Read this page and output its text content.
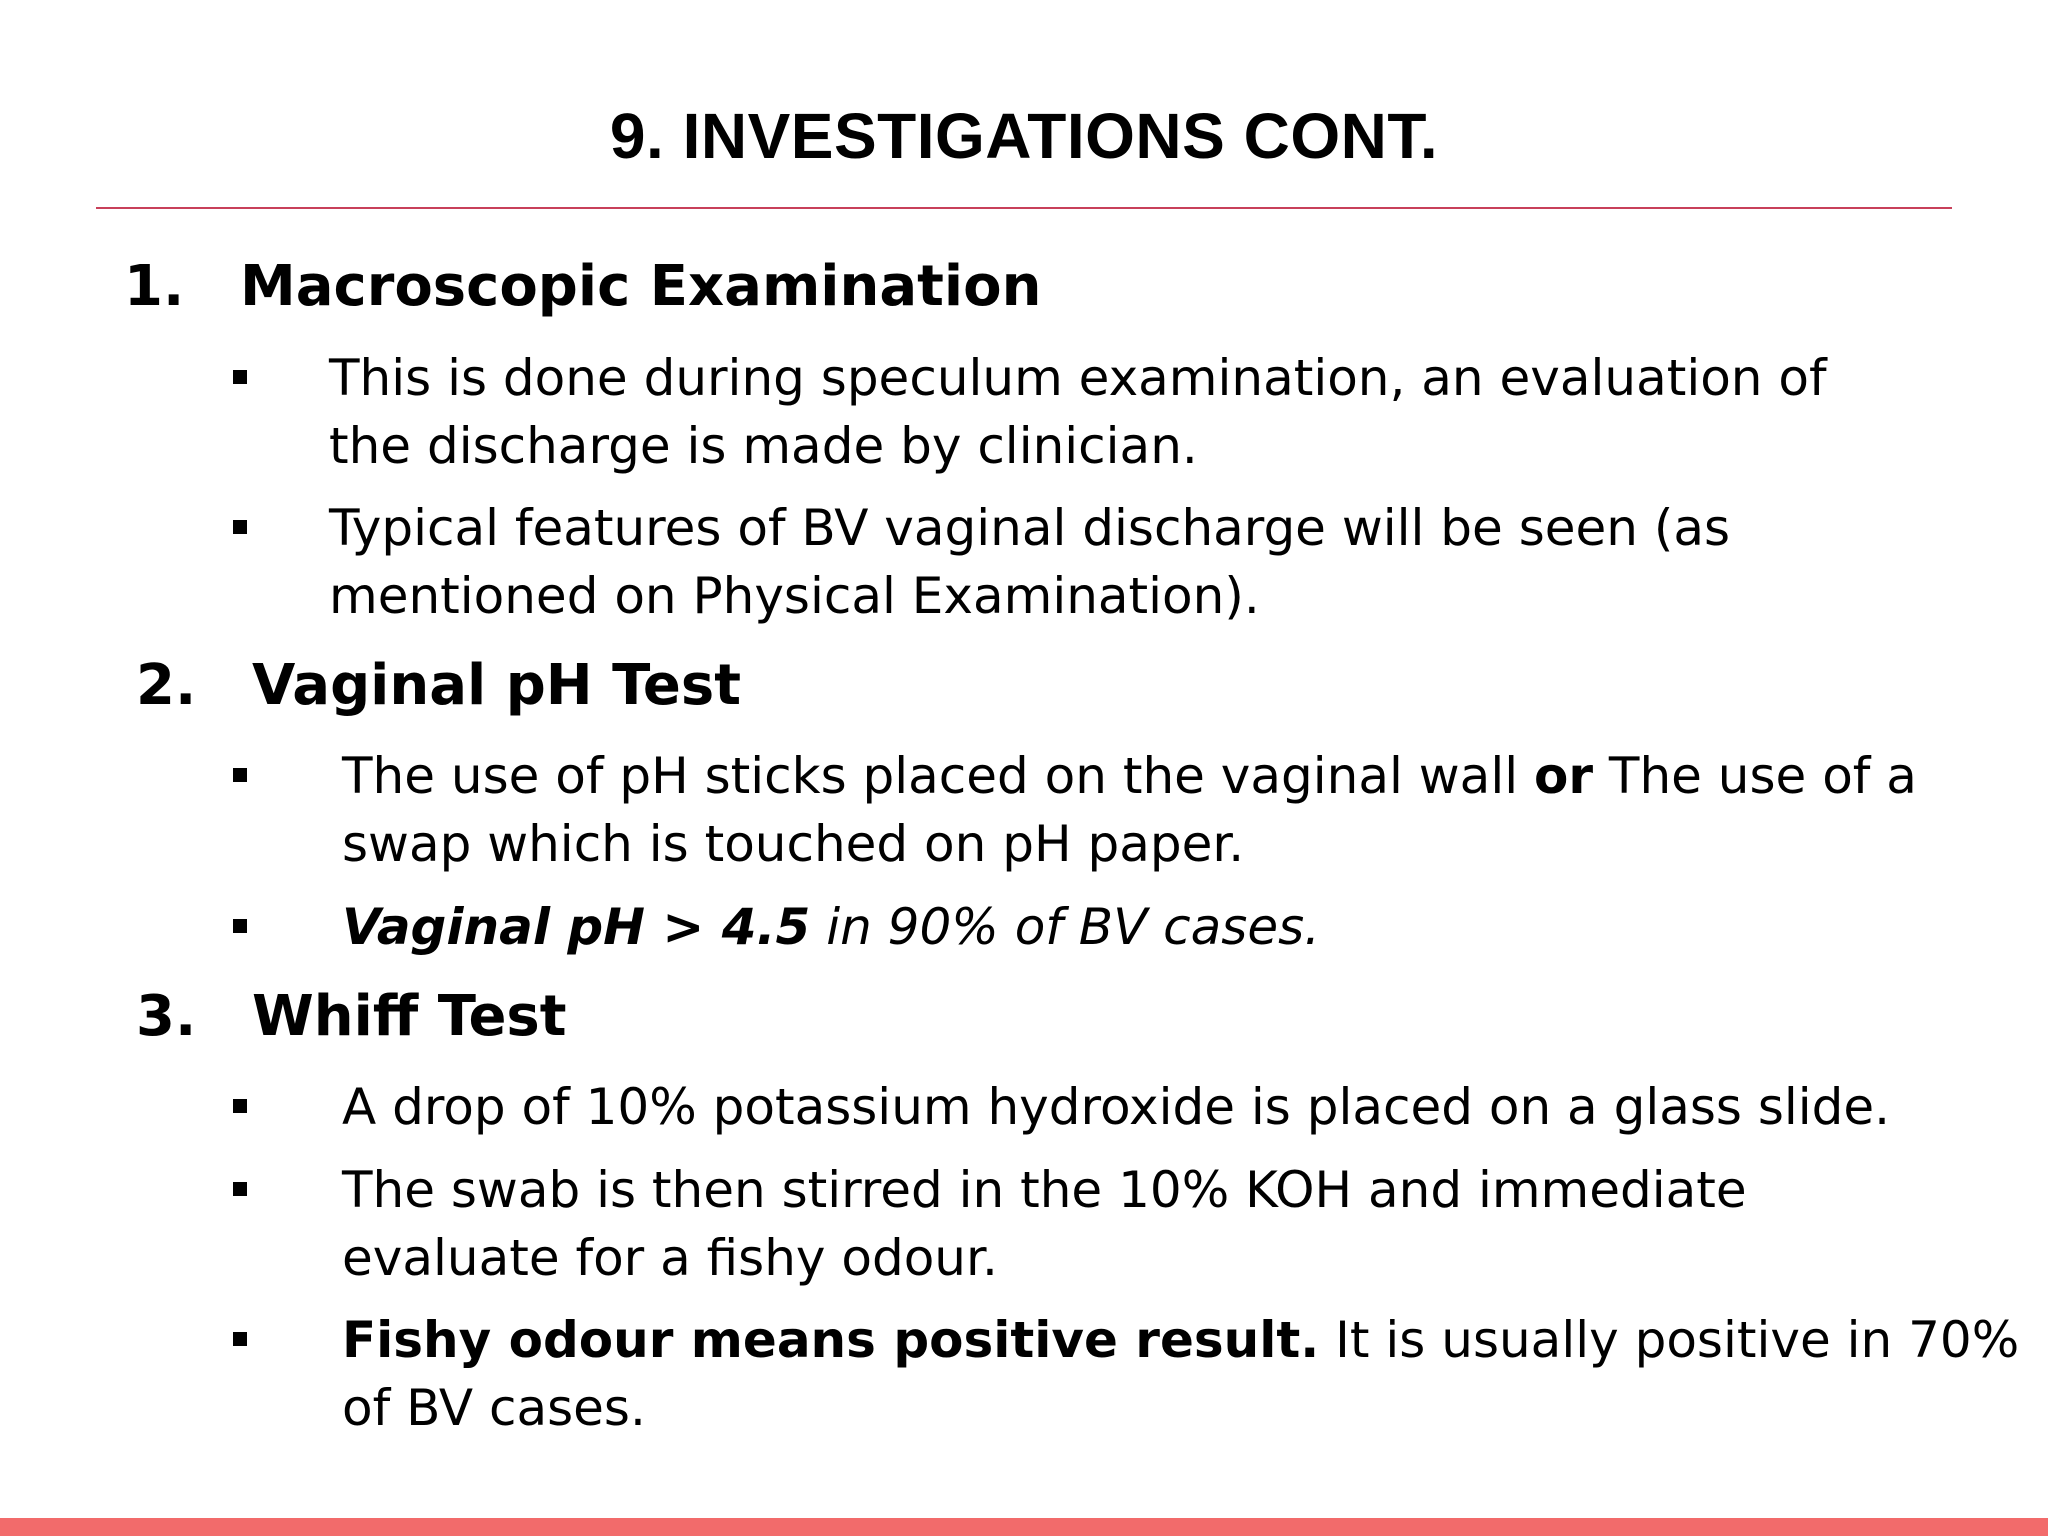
9. INVESTIGATIONS CONT.
1. Macroscopic Examination
This is done during speculum examination, an evaluation of
the discharge is made by clinician.
Typical features of BV vaginal discharge will be seen (as
mentioned on Physical Examination).
2. Vaginal pH Test
The use of pH sticks placed on the vaginal wall or The use of a
swap which is touched on pH paper.
Vaginal pH > 4.5 in 90% of BV cases.
3. Whiff Test
A drop of 10% potassium hydroxide is placed on a glass slide.
The swab is then stirred in the 10% KOH and immediate
evaluate for a fishy odour.
Fishy odour means positive result. It is usually positive in 70%
of BV cases.
